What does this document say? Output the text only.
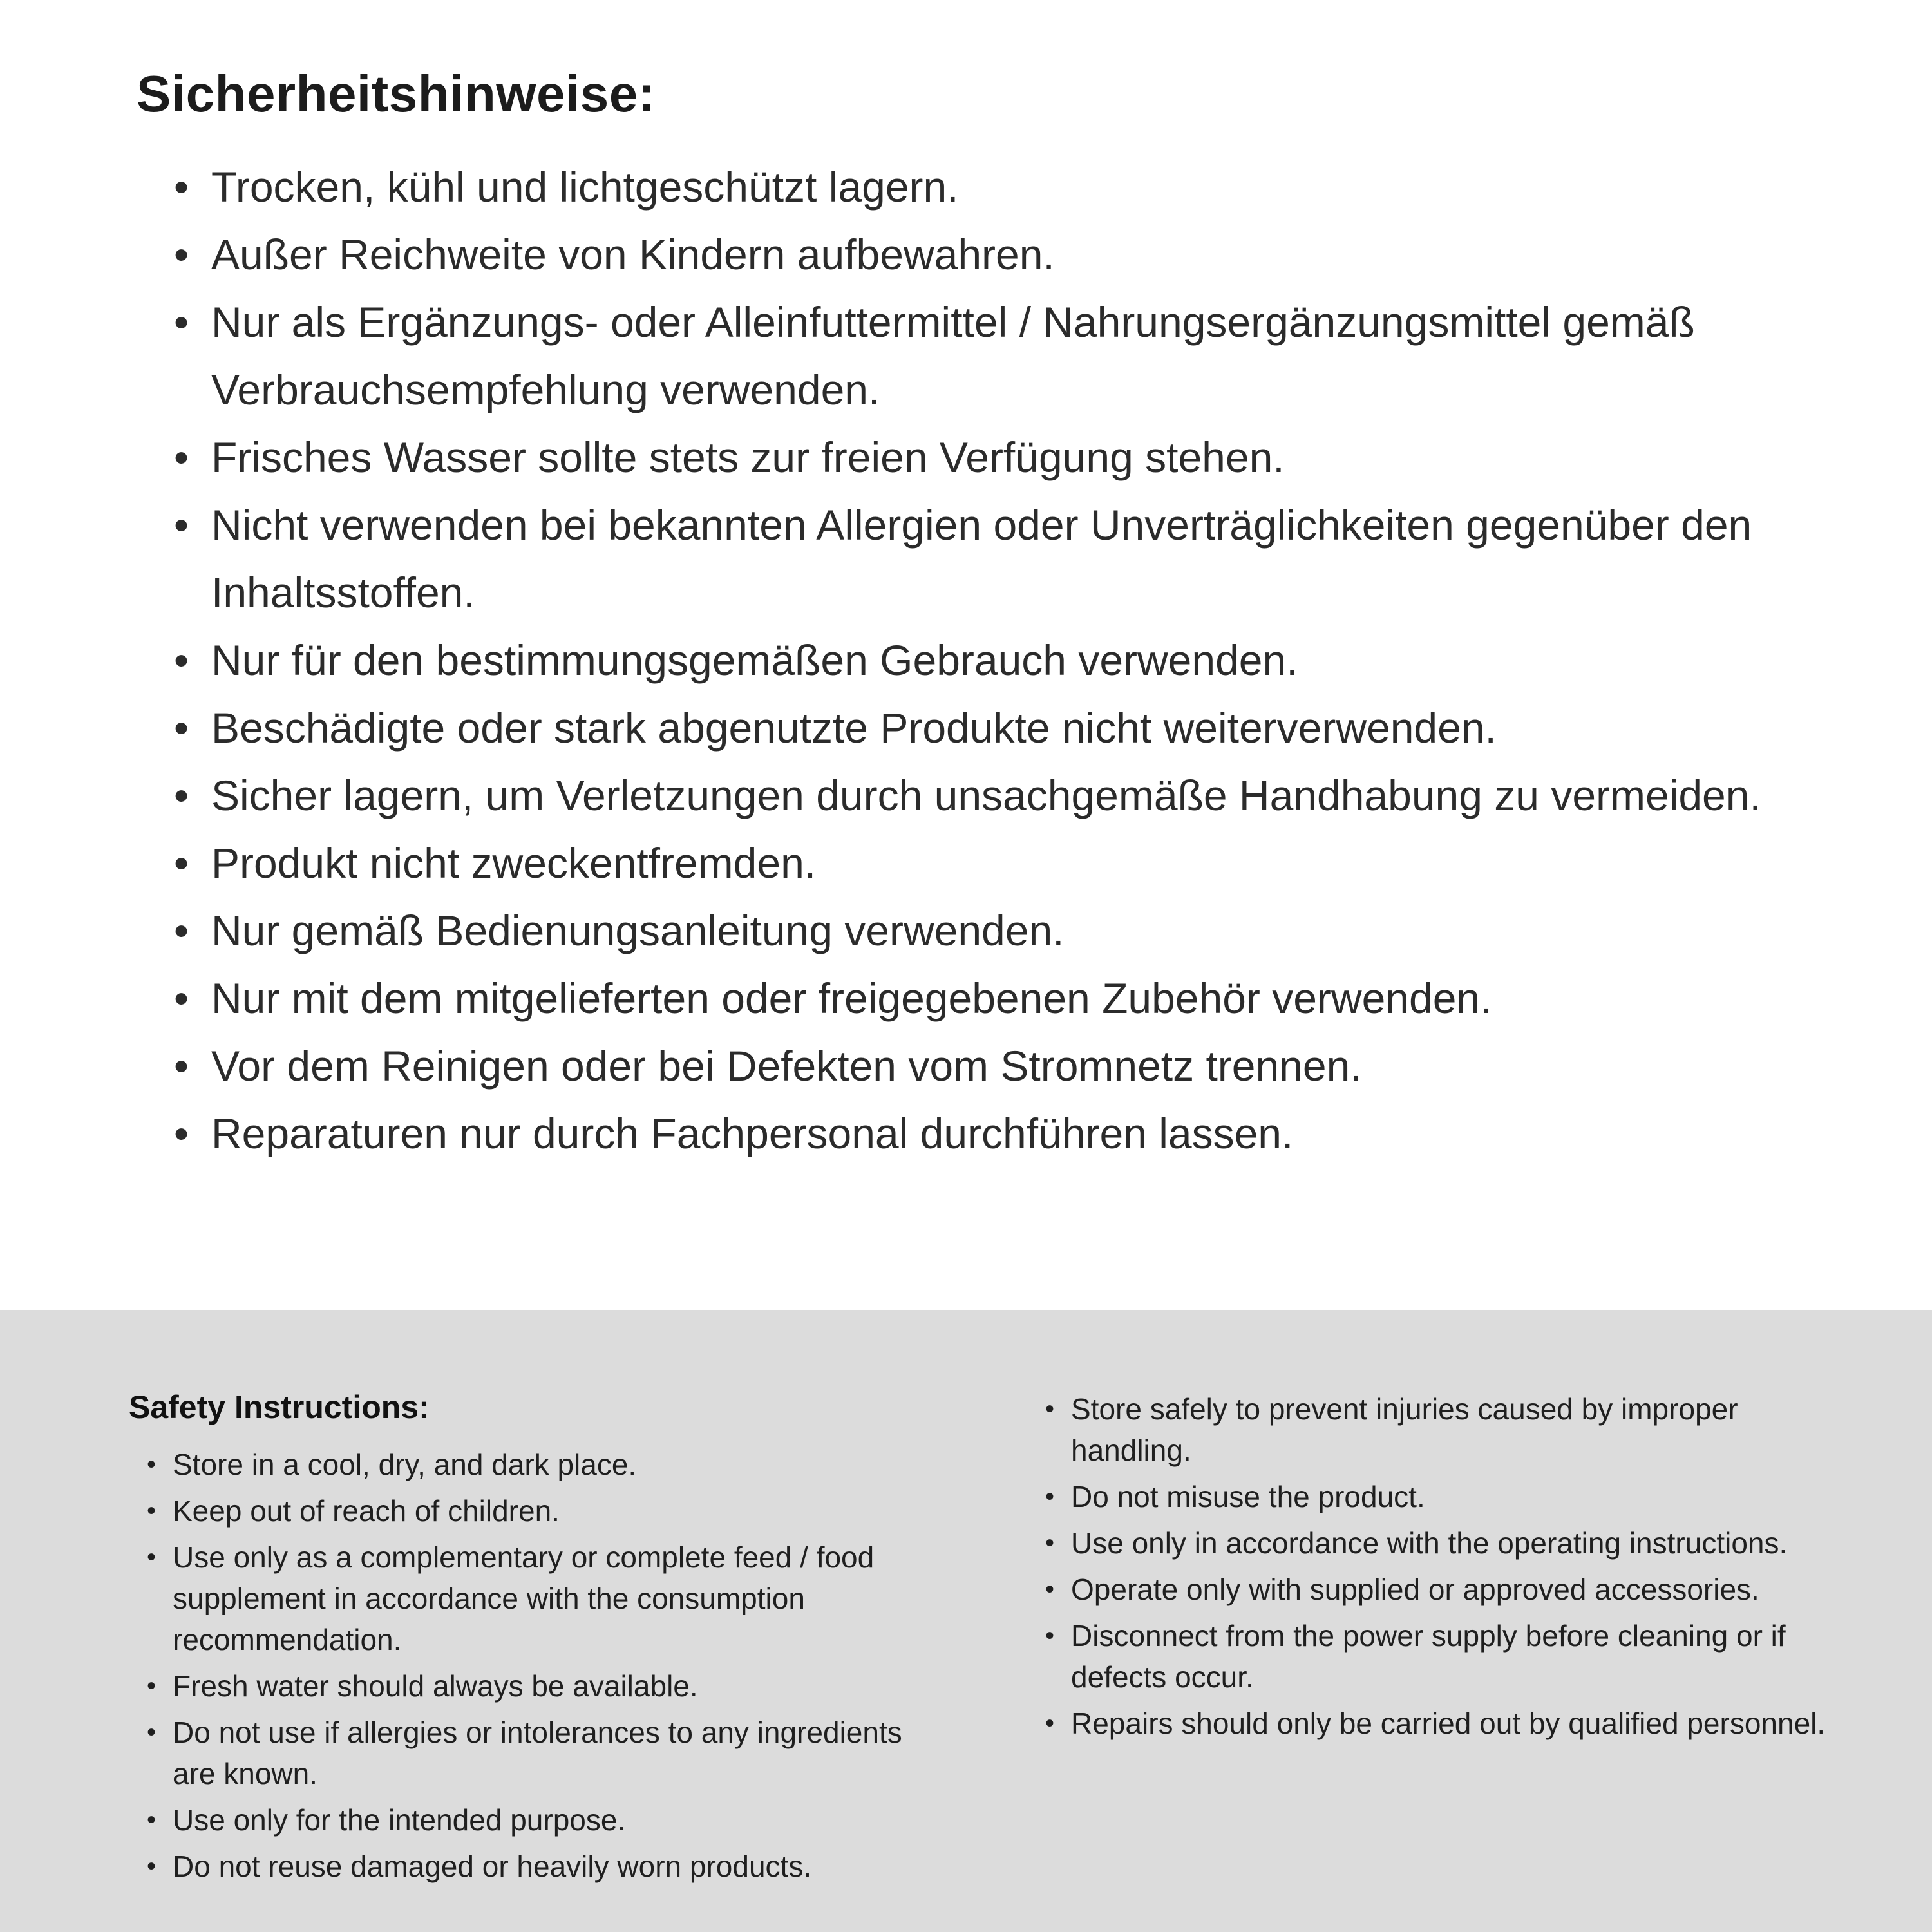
Sicherheitshinweise:
•
Trocken, kühl und lichtgeschützt lagern.
•
Außer Reichweite von Kindern aufbewahren.
•
Nur als Ergänzungs- oder Alleinfuttermittel / Nahrungsergänzungsmittel gemäß Verbrauchsempfehlung verwenden.
•
Frisches Wasser sollte stets zur freien Verfügung stehen.
•
Nicht verwenden bei bekannten Allergien oder Unverträglichkeiten gegenüber den Inhaltsstoffen.
•
Nur für den bestimmungsgemäßen Gebrauch verwenden.
•
Beschädigte oder stark abgenutzte Produkte nicht weiterverwenden.
•
Sicher lagern, um Verletzungen durch unsachgemäße Handhabung zu vermeiden.
•
Produkt nicht zweckentfremden.
•
Nur gemäß Bedienungsanleitung verwenden.
•
Nur mit dem mitgelieferten oder freigegebenen Zubehör verwenden.
•
Vor dem Reinigen oder bei Defekten vom Stromnetz trennen.
•
Reparaturen nur durch Fachpersonal durchführen lassen.
Safety Instructions:
•
Store in a cool, dry, and dark place.
•
Keep out of reach of children.
•
Use only as a complementary or complete feed / food supplement in accordance with the consumption recommendation.
•
Fresh water should always be available.
•
Do not use if allergies or intolerances to any ingredients are known.
•
Use only for the intended purpose.
•
Do not reuse damaged or heavily worn products.
•
Store safely to prevent injuries caused by improper handling.
•
Do not misuse the product.
•
Use only in accordance with the operating instructions.
•
Operate only with supplied or approved accessories.
•
Disconnect from the power supply before cleaning or if defects occur.
•
Repairs should only be carried out by qualified personnel.
